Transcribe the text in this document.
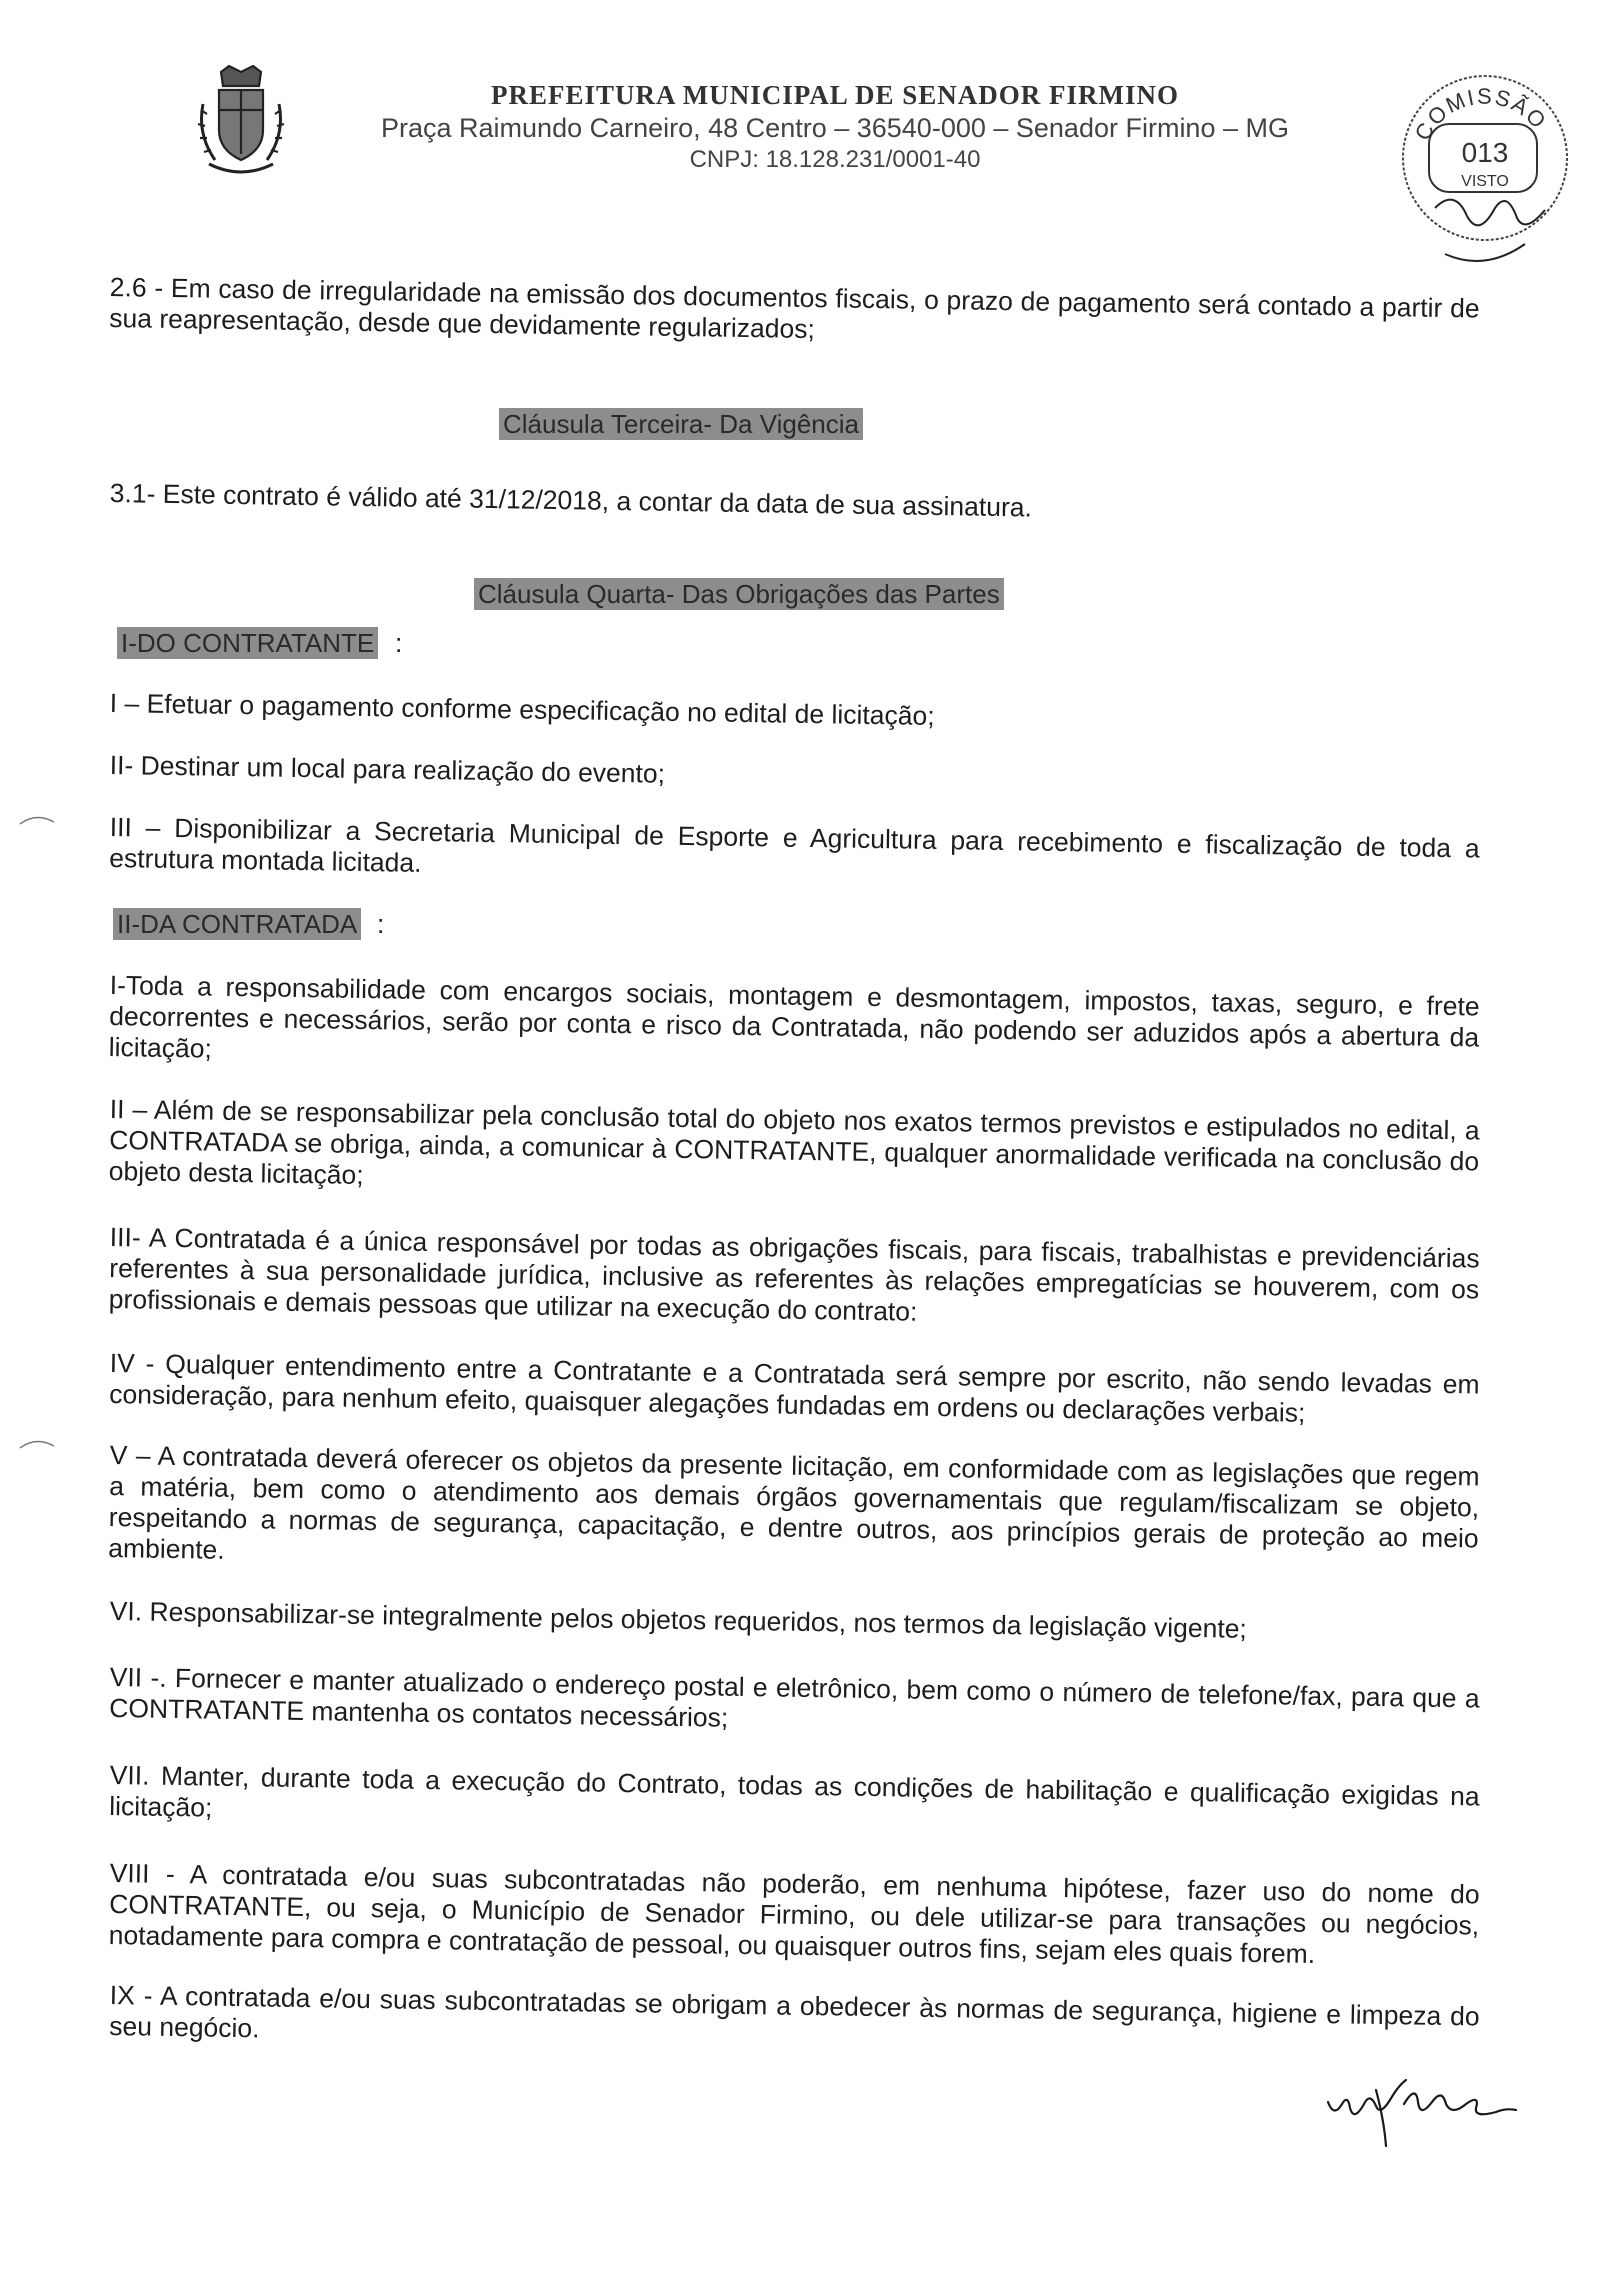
PREFEITURA MUNICIPAL DE SENADOR FIRMINO
Praça Raimundo Carneiro, 48 Centro – 36540-000 – Senador Firmino – MG
CNPJ: 18.128.231/0001-40
COMISSÃO
013
VISTO
2.6 - Em caso de irregularidade na emissão dos documentos fiscais, o prazo de pagamento será contado a partir de sua reapresentação, desde que devidamente regularizados;
Cláusula Terceira- Da Vigência
3.1- Este contrato é válido até 31/12/2018, a contar da data de sua assinatura.
Cláusula Quarta- Das Obrigações das Partes
I-DO CONTRATANTE :
I – Efetuar o pagamento conforme especificação no edital de licitação;
II- Destinar um local para realização do evento;
III – Disponibilizar a Secretaria Municipal de Esporte e Agricultura para recebimento e fiscalização de toda a estrutura montada licitada.
II-DA CONTRATADA :
I-Toda a responsabilidade com encargos sociais, montagem e desmontagem, impostos, taxas, seguro, e frete decorrentes e necessários, serão por conta e risco da Contratada, não podendo ser aduzidos após a abertura da licitação;
II – Além de se responsabilizar pela conclusão total do objeto nos exatos termos previstos e estipulados no edital, a CONTRATADA se obriga, ainda, a comunicar à CONTRATANTE, qualquer anormalidade verificada na conclusão do objeto desta licitação;
III- A Contratada é a única responsável por todas as obrigações fiscais, para fiscais, trabalhistas e previdenciárias referentes à sua personalidade jurídica, inclusive as referentes às relações empregatícias se houverem, com os profissionais e demais pessoas que utilizar na execução do contrato:
IV - Qualquer entendimento entre a Contratante e a Contratada será sempre por escrito, não sendo levadas em consideração, para nenhum efeito, quaisquer alegações fundadas em ordens ou declarações verbais;
V – A contratada deverá oferecer os objetos da presente licitação, em conformidade com as legislações que regem a matéria, bem como o atendimento aos demais órgãos governamentais que regulam/fiscalizam se objeto, respeitando a normas de segurança, capacitação, e dentre outros, aos princípios gerais de proteção ao meio ambiente.
VI. Responsabilizar-se integralmente pelos objetos requeridos, nos termos da legislação vigente;
VII -. Fornecer e manter atualizado o endereço postal e eletrônico, bem como o número de telefone/fax, para que a CONTRATANTE mantenha os contatos necessários;
VII. Manter, durante toda a execução do Contrato, todas as condições de habilitação e qualificação exigidas na licitação;
VIII - A contratada e/ou suas subcontratadas não poderão, em nenhuma hipótese, fazer uso do nome do CONTRATANTE, ou seja, o Município de Senador Firmino, ou dele utilizar-se para transações ou negócios, notadamente para compra e contratação de pessoal, ou quaisquer outros fins, sejam eles quais forem.
IX - A contratada e/ou suas subcontratadas se obrigam a obedecer às normas de segurança, higiene e limpeza do seu negócio.
